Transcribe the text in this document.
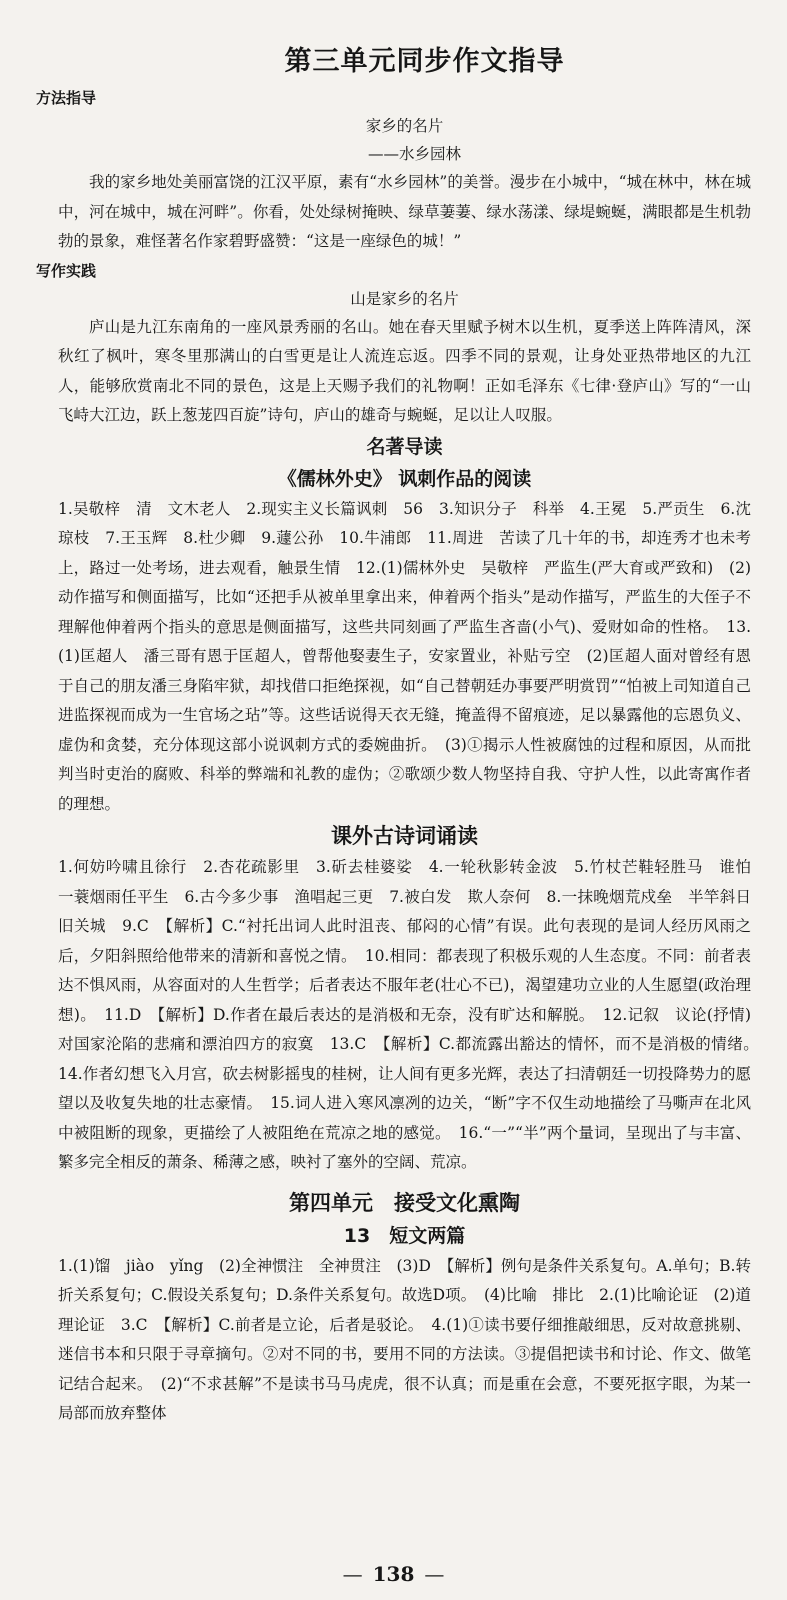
第三单元同步作文指导
方法指导
家乡的名片
——水乡园林

我的家乡地处美丽富饶的江汉平原，素有“水乡园林”的美誉。漫步在小城中，“城在林中，林在城中，河在城中，城在河畔”。你看，处处绿树掩映、绿草萋萋、绿水荡漾、绿堤蜿蜒，满眼都是生机勃勃的景象，难怪著名作家碧野盛赞：“这是一座绿色的城！”

写作实践
山是家乡的名片

庐山是九江东南角的一座风景秀丽的名山。她在春天里赋予树木以生机，夏季送上阵阵清风，深秋红了枫叶，寒冬里那满山的白雪更是让人流连忘返。四季不同的景观，让身处亚热带地区的九江人，能够欣赏南北不同的景色，这是上天赐予我们的礼物啊！正如毛泽东《七律·登庐山》写的“一山飞峙大江边，跃上葱茏四百旋”诗句，庐山的雄奇与蜿蜒，足以让人叹服。

名著导读
《儒林外史》 讽刺作品的阅读

1.吴敬梓　清　文木老人　2.现实主义长篇讽刺　56　3.知识分子　科举　4.王冕　5.严贡生　6.沈琼枝　7.王玉辉　8.杜少卿　9.蘧公孙　10.牛浦郎　11.周进　苦读了几十年的书，却连秀才也未考上，路过一处考场，进去观看，触景生情　12.(1)儒林外史　吴敬梓　严监生(严大育或严致和)　(2)动作描写和侧面描写，比如“还把手从被单里拿出来，伸着两个指头”是动作描写，严监生的大侄子不理解他伸着两个指头的意思是侧面描写，这些共同刻画了严监生吝啬(小气)、爱财如命的性格。　13.(1)匡超人　潘三哥有恩于匡超人，曾帮他娶妻生子，安家置业，补贴亏空　(2)匡超人面对曾经有恩于自己的朋友潘三身陷牢狱，却找借口拒绝探视，如“自己替朝廷办事要严明赏罚”“怕被上司知道自己进监探视而成为一生官场之玷”等。这些话说得天衣无缝，掩盖得不留痕迹，足以暴露他的忘恩负义、虚伪和贪婪，充分体现这部小说讽刺方式的委婉曲折。　(3)①揭示人性被腐蚀的过程和原因，从而批判当时吏治的腐败、科举的弊端和礼教的虚伪；②歌颂少数人物坚持自我、守护人性，以此寄寓作者的理想。

课外古诗词诵读

1.何妨吟啸且徐行　2.杏花疏影里　3.斫去桂婆娑　4.一轮秋影转金波　5.竹杖芒鞋轻胜马　谁怕　一蓑烟雨任平生　6.古今多少事　渔唱起三更　7.被白发　欺人奈何　8.一抹晚烟荒戍垒　半竿斜日旧关城　9.C　【解析】C.“衬托出词人此时沮丧、郁闷的心情”有误。此句表现的是词人经历风雨之后，夕阳斜照给他带来的清新和喜悦之情。　10.相同：都表现了积极乐观的人生态度。不同：前者表达不惧风雨，从容面对的人生哲学；后者表达不服年老(壮心不已)，渴望建功立业的人生愿望(政治理想)。　11.D　【解析】D.作者在最后表达的是消极和无奈，没有旷达和解脱。　12.记叙　议论(抒情)　对国家沦陷的悲痛和漂泊四方的寂寞　13.C　【解析】C.都流露出豁达的情怀，而不是消极的情绪。　14.作者幻想飞入月宫，砍去树影摇曳的桂树，让人间有更多光辉，表达了扫清朝廷一切投降势力的愿望以及收复失地的壮志豪情。　15.词人进入寒风凛冽的边关，“断”字不仅生动地描绘了马嘶声在北风中被阻断的现象，更描绘了人被阻绝在荒凉之地的感觉。　16.“一”“半”两个量词，呈现出了与丰富、繁多完全相反的萧条、稀薄之感，映衬了塞外的空阔、荒凉。

第四单元　接受文化熏陶
13　短文两篇

1.(1)馏　jiào　yǐng　(2)全神惯注　全神贯注　(3)D　【解析】例句是条件关系复句。A.单句；B.转折关系复句；C.假设关系复句；D.条件关系复句。故选D项。　(4)比喻　排比　2.(1)比喻论证　(2)道理论证　3.C　【解析】C.前者是立论，后者是驳论。　4.(1)①读书要仔细推敲细思，反对故意挑剔、迷信书本和只限于寻章摘句。②对不同的书，要用不同的方法读。③提倡把读书和讨论、作文、做笔记结合起来。　(2)“不求甚解”不是读书马马虎虎，很不认真；而是重在会意，不要死抠字眼，为某一局部而放弃整体

— 138 —
